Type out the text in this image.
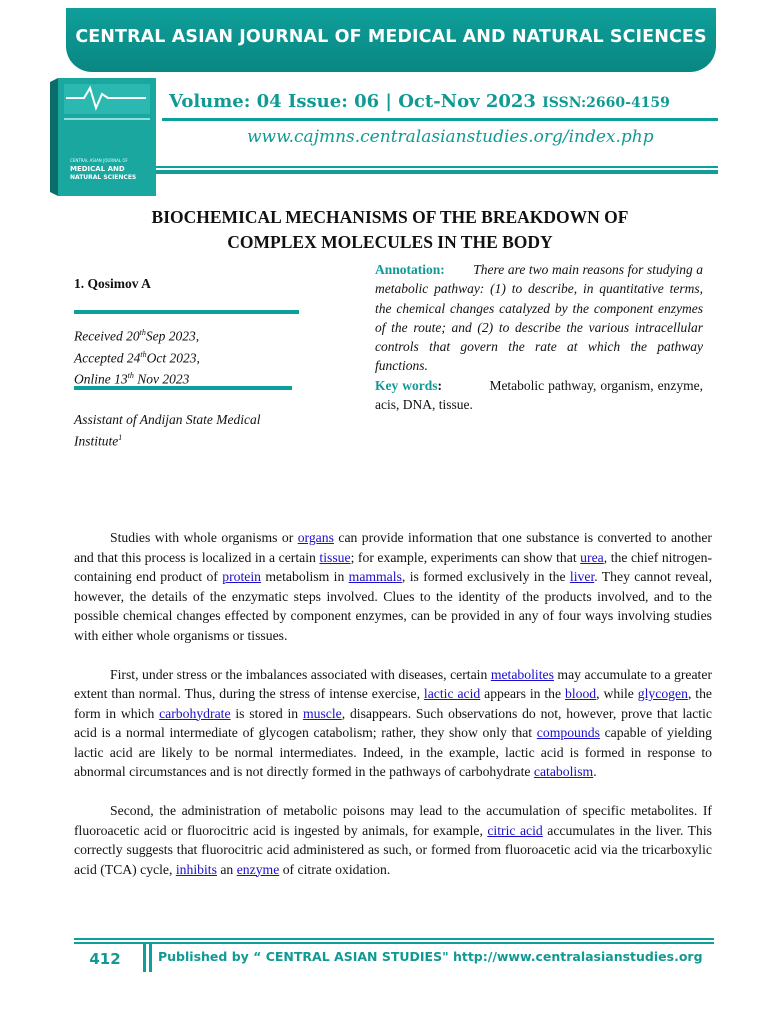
CENTRAL ASIAN JOURNAL OF MEDICAL AND NATURAL SCIENCES
CENTRAL ASIAN JOURNAL OF
MEDICAL AND
NATURAL SCIENCES
Volume: 04 Issue: 06 | Oct-Nov 2023 ISSN:2660-4159
www.cajmns.centralasianstudies.org/index.php
BIOCHEMICAL MECHANISMS OF THE BREAKDOWN OF
COMPLEX MOLECULES IN THE BODY
1. Qosimov A
Received 20thSep 2023,
Accepted 24thOct 2023,
Online 13th Nov 2023
Assistant of Andijan State Medical Institute$^1$
Annotation: There are two main reasons for studying a metabolic pathway: (1) to describe, in quantitative terms, the chemical changes catalyzed by the component enzymes of the route; and (2) to describe the various intracellular controls that govern the rate at which the pathway functions.
Key words:	Metabolic pathway, organism, enzyme, acis, DNA, tissue.

Studies with whole organisms or organs can provide information that one substance is converted to another and that this process is localized in a certain tissue; for example, experiments can show that urea, the chief nitrogen-containing end product of protein metabolism in mammals, is formed exclusively in the liver. They cannot reveal, however, the details of the enzymatic steps involved. Clues to the identity of the products involved, and to the possible chemical changes effected by component enzymes, can be provided in any of four ways involving studies with either whole organisms or tissues.

First, under stress or the imbalances associated with diseases, certain metabolites may accumulate to a greater extent than normal. Thus, during the stress of intense exercise, lactic acid appears in the blood, while glycogen, the form in which carbohydrate is stored in muscle, disappears. Such observations do not, however, prove that lactic acid is a normal intermediate of glycogen catabolism; rather, they show only that compounds capable of yielding lactic acid are likely to be normal intermediates. Indeed, in the example, lactic acid is formed in response to abnormal circumstances and is not directly formed in the pathways of carbohydrate catabolism.

Second, the administration of metabolic poisons may lead to the accumulation of specific metabolites. If fluoroacetic acid or fluorocitric acid is ingested by animals, for example, citric acid accumulates in the liver. This correctly suggests that fluorocitric acid administered as such, or formed from fluoroacetic acid via the tricarboxylic acid (TCA) cycle, inhibits an enzyme of citrate oxidation.

412	Published by “ CENTRAL ASIAN STUDIES" http://www.centralasianstudies.org
